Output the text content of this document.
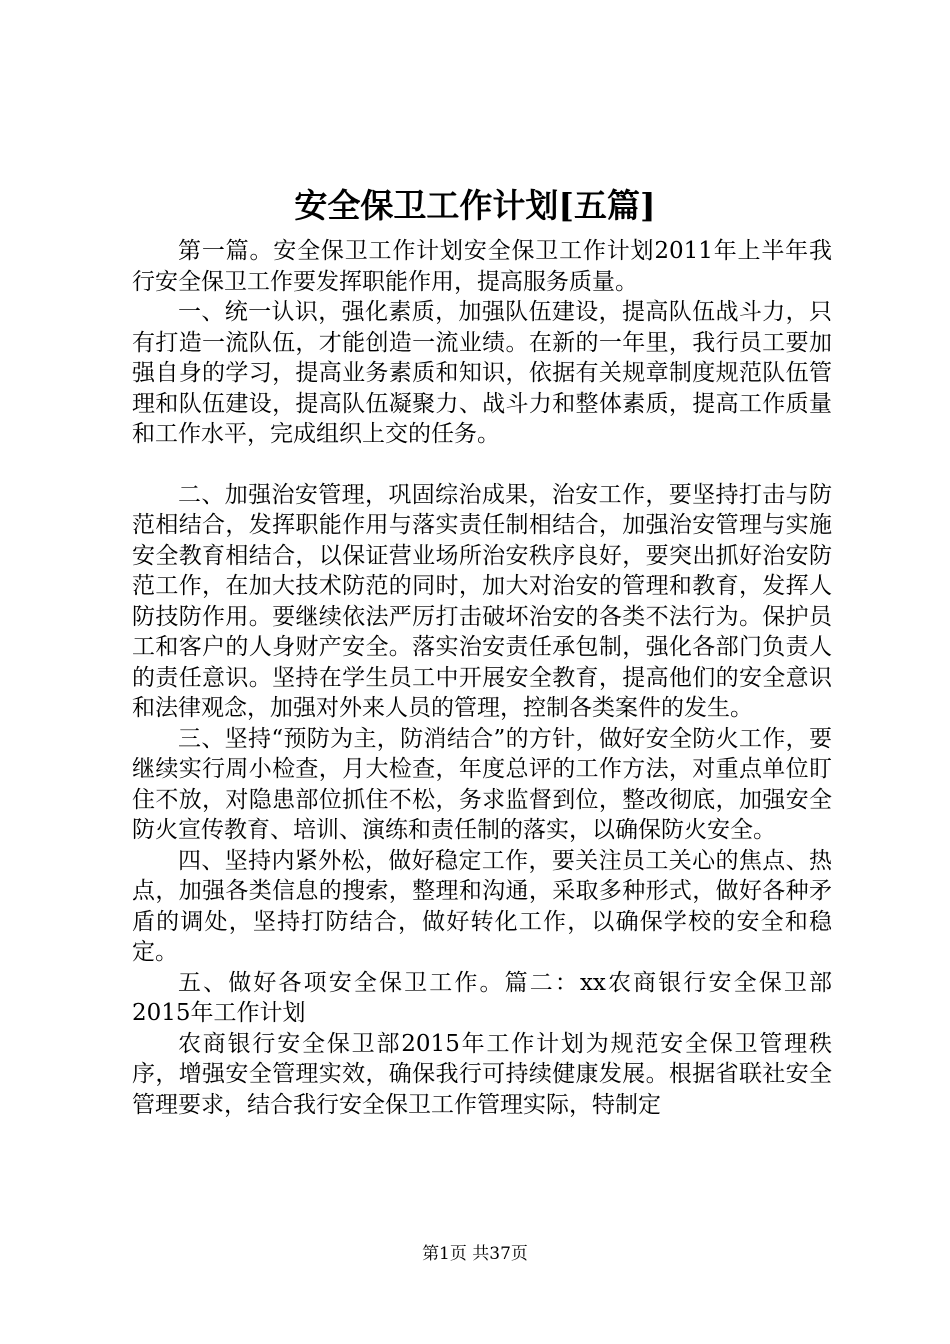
安全保卫工作计划[五篇]

第一篇。安全保卫工作计划安全保卫工作计划2011年上半年我行安全保卫工作要发挥职能作用，提高服务质量。

一、统一认识，强化素质，加强队伍建设，提高队伍战斗力，只有打造一流队伍，才能创造一流业绩。在新的一年里，我行员工要加强自身的学习，提高业务素质和知识，依据有关规章制度规范队伍管理和队伍建设，提高队伍凝聚力、战斗力和整体素质，提高工作质量和工作水平，完成组织上交的任务。

二、加强治安管理，巩固综治成果，治安工作，要坚持打击与防范相结合，发挥职能作用与落实责任制相结合，加强治安管理与实施安全教育相结合，以保证营业场所治安秩序良好，要突出抓好治安防范工作，在加大技术防范的同时，加大对治安的管理和教育，发挥人防技防作用。要继续依法严厉打击破坏治安的各类不法行为。保护员工和客户的人身财产安全。落实治安责任承包制，强化各部门负责人的责任意识。坚持在学生员工中开展安全教育，提高他们的安全意识和法律观念，加强对外来人员的管理，控制各类案件的发生。

三、坚持“预防为主，防消结合”的方针，做好安全防火工作，要继续实行周小检查，月大检查，年度总评的工作方法，对重点单位盯住不放，对隐患部位抓住不松，务求监督到位，整改彻底，加强安全防火宣传教育、培训、演练和责任制的落实，以确保防火安全。

四、坚持内紧外松，做好稳定工作，要关注员工关心的焦点、热点，加强各类信息的搜索，整理和沟通，采取多种形式，做好各种矛盾的调处，坚持打防结合，做好转化工作，以确保学校的安全和稳定。

五、做好各项安全保卫工作。篇二：xx农商银行安全保卫部2015年工作计划

农商银行安全保卫部2015年工作计划为规范安全保卫管理秩序，增强安全管理实效，确保我行可持续健康发展。根据省联社安全管理要求，结合我行安全保卫工作管理实际，特制定

第1页 共37页
